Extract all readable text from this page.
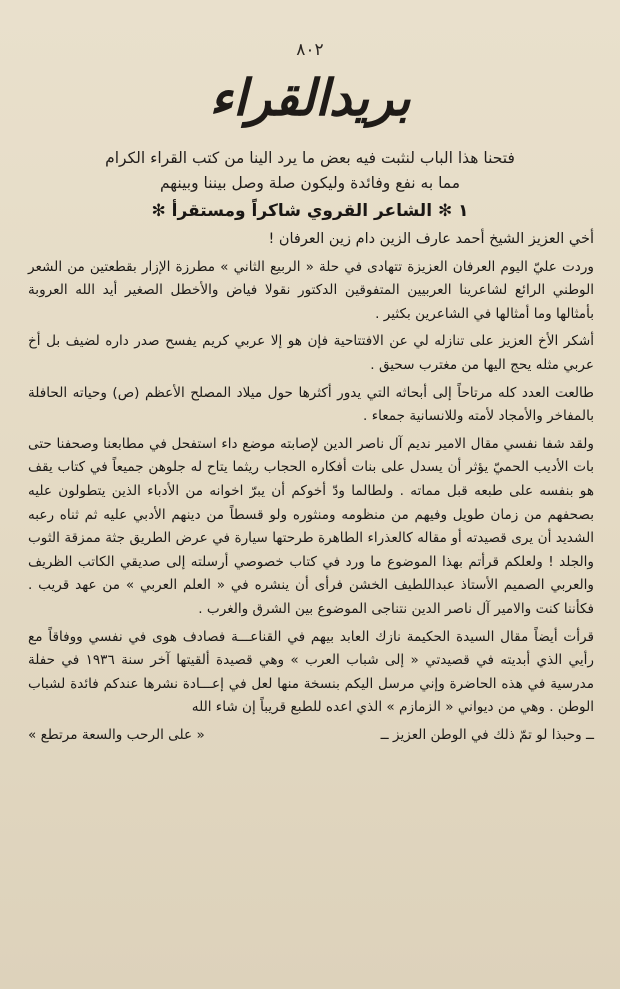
٨٠٢
بريدالقراء
فتحنا هذا الباب لنثبت فيه بعض ما يرد الينا من كتب القراء الكرام
مما به نفع وفائدة وليكون صلة وصل بيننا وبينهم
١ ✻ الشاعر القروي شاكراً ومستقرأ ✻

أخي العزيز الشيخ أحمد عارف الزين دام زين العرفان !

وردت عليّ اليوم العرفان العزيزة تتهادى في حلة « الربيع الثاني » مطرزة الإزار بقطعتين من الشعر الوطني الرائع لشاعرينا العربيين المتفوقين الدكتور نقولا فياض والأخطل الصغير أيد الله العروبة بأمثالها وما أمثالها في الشاعرين بكثير .

أشكر الأخ العزيز على تنازله لي عن الافتتاحية فإن هو إلا عربي كريم يفسح صدر داره لضيف بل أخ عربي مثله يحج اليها من مغترب سحيق .

طالعت العدد كله مرتاحاً إلى أبحاثه التي يدور أكثرها حول ميلاد المصلح الأعظم (ص) وحياته الحافلة بالمفاخر والأمجاد لأمته وللانسانية جمعاء .

ولقد شفا نفسي مقال الامير نديم آل ناصر الدين لإصابته موضع داء استفحل في مطابعنا وصحفنا حتى بات الأديب الحميّ يؤثر أن يسدل على بنات أفكاره الحجاب ريثما يتاح له جلوهن جميعاً في كتاب يقف هو بنفسه على طبعه قبل مماته . ولطالما ودّ أخوكم أن يبرّ اخوانه من الأدباء الذين يتطولون عليه بصحفهم من زمان طويل وفيهم من منظومه ومنثوره ولو قسطاً من دينهم الأدبي عليه ثم ثناه رعبه الشديد أن يرى قصيدته أو مقاله كالعذراء الطاهرة طرحتها سيارة في عرض الطريق جثة ممزقة الثوب والجلد ! ولعلكم قرأتم بهذا الموضوع ما ورد في كتاب خصوصي أرسلته إلى صديقي الكاتب الظريف والعربي الصميم الأستاذ عبداللطيف الخشن فرأى أن ينشره في « العلم العربي » من عهد قريب . فكأننا كنت والامير آل ناصر الدين نتناجى الموضوع بين الشرق والغرب .

قرأت أيضاً مقال السيدة الحكيمة نازك العابد بيهم في القناعـــة فصادف هوى في نفسي ووفاقاً مع رأيي الذي أبديته في قصيدتي « إلى شباب العرب » وهي قصيدة ألقيتها آخر سنة ١٩٣٦ في حفلة مدرسية في هذه الحاضرة وإني مرسل اليكم بنسخة منها لعل في إعـــادة نشرها عندكم فائدة لشباب الوطن . وهي من ديواني « الزمازم » الذي اعده للطبع قريباً إن شاء الله

ــ وحبذا لو تمّ ذلك في الوطن العزيز ــ
« على الرحب والسعة مرتطع »
